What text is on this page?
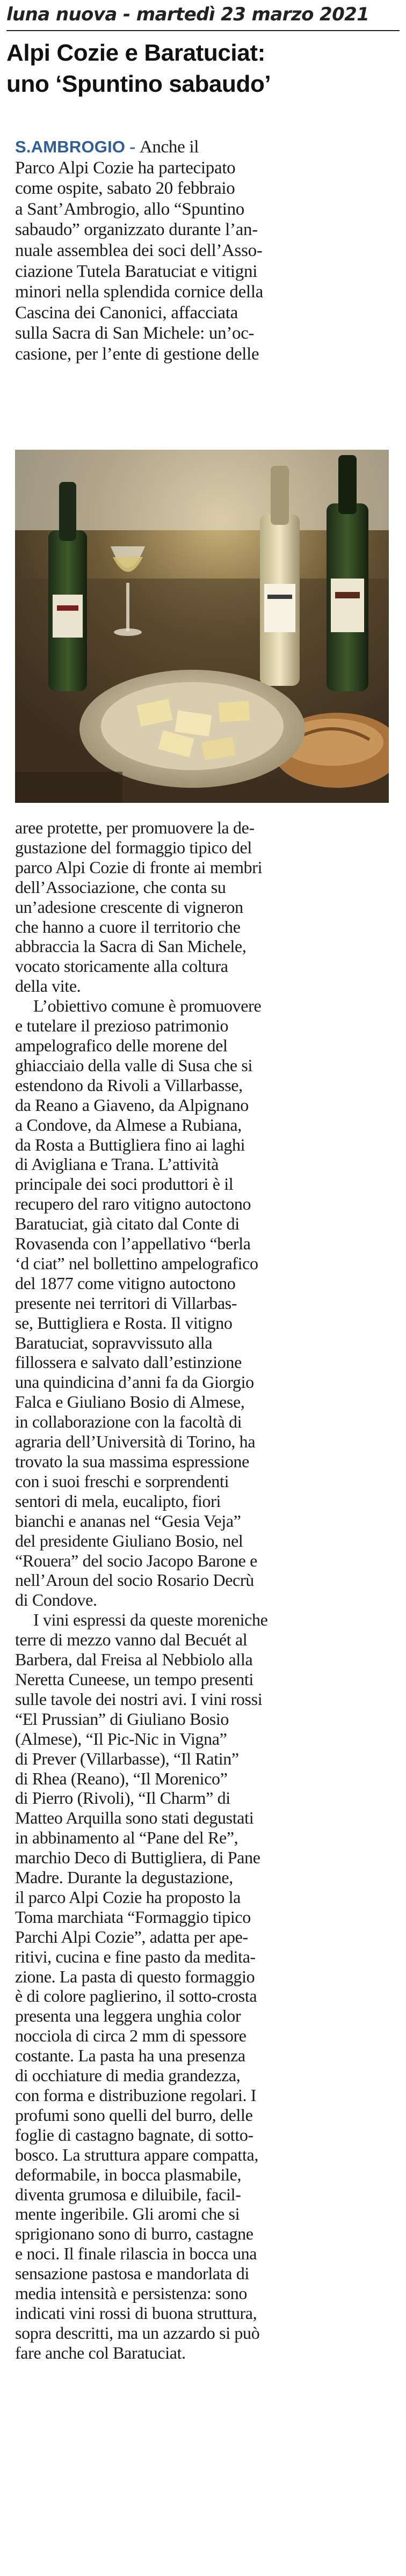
luna nuova - martedì 23 marzo 2021
Alpi Cozie e Baratuciat:
uno ‘Spuntino sabaudo’
S.AMBROGIO - Anche il
Parco Alpi Cozie ha partecipato
come ospite, sabato 20 febbraio
a Sant’Ambrogio, allo “Spuntino
sabaudo” organizzato durante l’an-
nuale assemblea dei soci dell’Asso-
ciazione Tutela Baratuciat e vitigni
minori nella splendida cornice della
Cascina dei Canonici, affacciata
sulla Sacra di San Michele: un’oc-
casione, per l’ente di gestione delle

aree protette, per promuovere la de-
gustazione del formaggio tipico del
parco Alpi Cozie di fronte ai membri
dell’Associazione, che conta su
un’adesione crescente di vigneron
che hanno a cuore il territorio che
abbraccia la Sacra di San Michele,
vocato storicamente alla coltura
della vite.

L’obiettivo comune è promuovere
e tutelare il prezioso patrimonio
ampelografico delle morene del
ghiacciaio della valle di Susa che si
estendono da Rivoli a Villarbasse,
da Reano a Giaveno, da Alpignano
a Condove, da Almese a Rubiana,
da Rosta a Buttigliera fino ai laghi
di Avigliana e Trana. L’attività
principale dei soci produttori è il
recupero del raro vitigno autoctono
Baratuciat, già citato dal Conte di
Rovasenda con l’appellativo “berla
‘d ciat” nel bollettino ampelografico
del 1877 come vitigno autoctono
presente nei territori di Villarbas-
se, Buttigliera e Rosta. Il vitigno
Baratuciat, sopravvissuto alla
fillossera e salvato dall’estinzione
una quindicina d’anni fa da Giorgio
Falca e Giuliano Bosio di Almese,
in collaborazione con la facoltà di
agraria dell’Università di Torino, ha
trovato la sua massima espressione
con i suoi freschi e sorprendenti
sentori di mela, eucalipto, fiori
bianchi e ananas nel “Gesia Veja”
del presidente Giuliano Bosio, nel
“Rouera” del socio Jacopo Barone e
nell’Aroun del socio Rosario Decrù
di Condove.

I vini espressi da queste moreniche
terre di mezzo vanno dal Becuét al
Barbera, dal Freisa al Nebbiolo alla
Neretta Cuneese, un tempo presenti
sulle tavole dei nostri avi. I vini rossi
“El Prussian” di Giuliano Bosio
(Almese), “Il Pic-Nic in Vigna”
di Prever (Villarbasse), “Il Ratin”
di Rhea (Reano), “Il Morenico”
di Pierro (Rivoli), “Il Charm” di
Matteo Arquilla sono stati degustati
in abbinamento al “Pane del Re”,
marchio Deco di Buttigliera, di Pane
Madre. Durante la degustazione,
il parco Alpi Cozie ha proposto la
Toma marchiata “Formaggio tipico
Parchi Alpi Cozie”, adatta per ape-
ritivi, cucina e fine pasto da medita-
zione. La pasta di questo formaggio
è di colore paglierino, il sotto-crosta
presenta una leggera unghia color
nocciola di circa 2 mm di spessore
costante. La pasta ha una presenza
di occhiature di media grandezza,
con forma e distribuzione regolari. I
profumi sono quelli del burro, delle
foglie di castagno bagnate, di sotto-
bosco. La struttura appare compatta,
deformabile, in bocca plasmabile,
diventa grumosa e diluibile, facil-
mente ingeribile. Gli aromi che si
sprigionano sono di burro, castagne
e noci. Il finale rilascia in bocca una
sensazione pastosa e mandorlata di
media intensità e persistenza: sono
indicati vini rossi di buona struttura,
sopra descritti, ma un azzardo si può
fare anche col Baratuciat.
